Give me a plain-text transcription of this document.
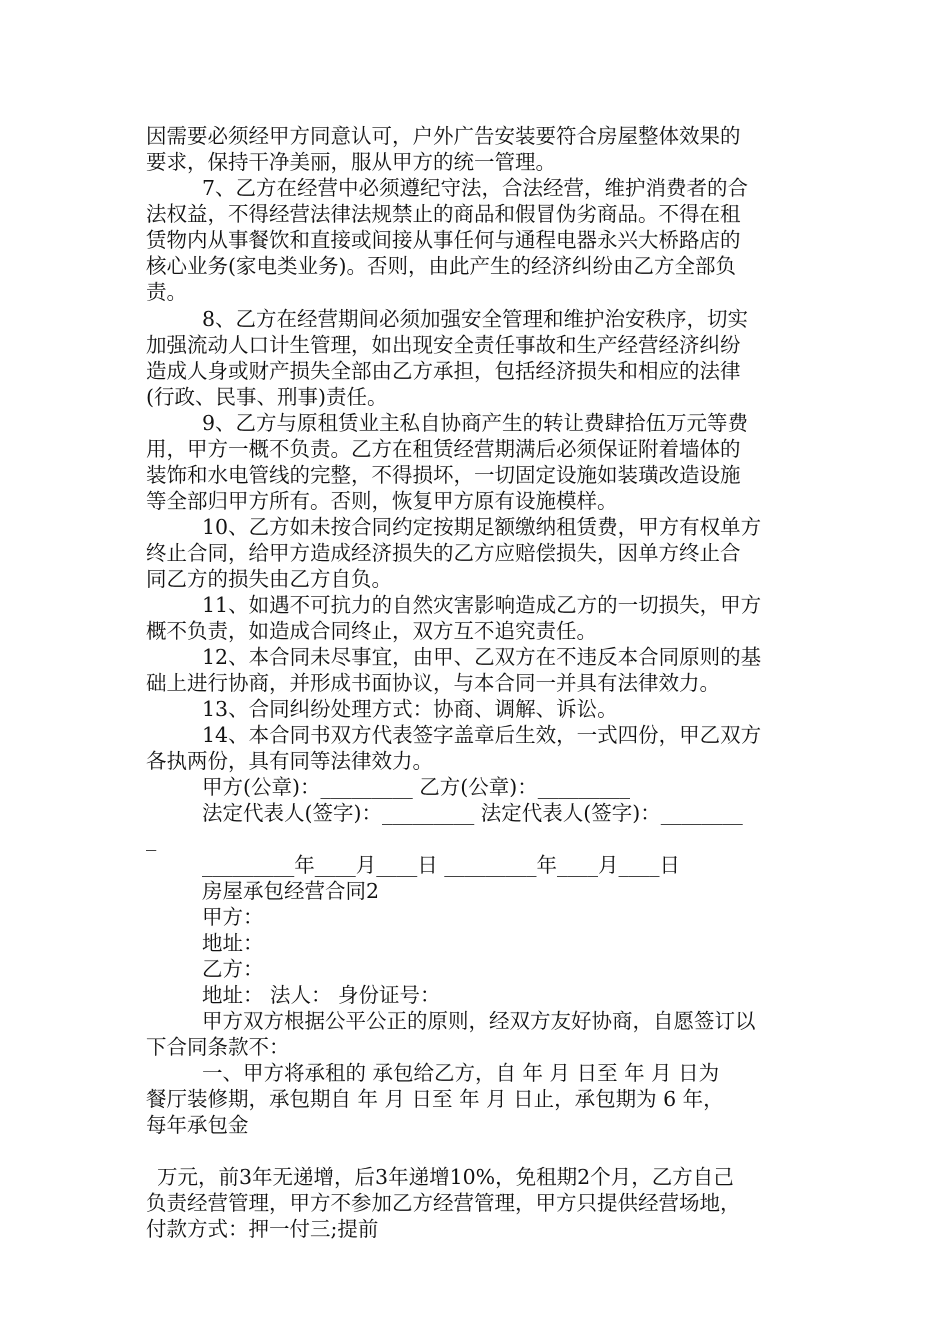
因需要必须经甲方同意认可，户外广告安装要符合房屋整体效果的

要求，保持干净美丽，服从甲方的统一管理。

7、乙方在经营中必须遵纪守法，合法经营，维护消费者的合

法权益，不得经营法律法规禁止的商品和假冒伪劣商品。不得在租

赁物内从事餐饮和直接或间接从事任何与通程电器永兴大桥路店的

核心业务(家电类业务)。否则，由此产生的经济纠纷由乙方全部负

责。

8、乙方在经营期间必须加强安全管理和维护治安秩序，切实

加强流动人口计生管理，如出现安全责任事故和生产经营经济纠纷

造成人身或财产损失全部由乙方承担，包括经济损失和相应的法律

(行政、民事、刑事)责任。

9、乙方与原租赁业主私自协商产生的转让费肆拾伍万元等费

用，甲方一概不负责。乙方在租赁经营期满后必须保证附着墙体的

装饰和水电管线的完整，不得损坏，一切固定设施如装璜改造设施

等全部归甲方所有。否则，恢复甲方原有设施模样。

10、乙方如未按合同约定按期足额缴纳租赁费，甲方有权单方

终止合同，给甲方造成经济损失的乙方应赔偿损失，因单方终止合

同乙方的损失由乙方自负。

11、如遇不可抗力的自然灾害影响造成乙方的一切损失，甲方

概不负责，如造成合同终止，双方互不追究责任。

12、本合同未尽事宜，由甲、乙双方在不违反本合同原则的基

础上进行协商，并形成书面协议，与本合同一并具有法律效力。

13、合同纠纷处理方式：协商、调解、诉讼。

14、本合同书双方代表签字盖章后生效，一式四份，甲乙双方

各执两份，具有同等法律效力。

甲方(公章)：_________ 乙方(公章)：_________

法定代表人(签字)：_________ 法定代表人(签字)：________

_

_________年____月____日 _________年____月____日

房屋承包经营合同2

甲方：

地址：

乙方：

地址： 法人： 身份证号：

甲方双方根据公平公正的原则，经双方友好协商，自愿签订以

下合同条款不：

一、甲方将承租的 承包给乙方，自 年 月 日至 年 月 日为

餐厅装修期，承包期自 年 月 日至 年 月 日止，承包期为 6 年，

每年承包金

万元，前3年无递增，后3年递增10%，免租期2个月，乙方自己

负责经营管理，甲方不参加乙方经营管理，甲方只提供经营场地，

付款方式：押一付三;提前
